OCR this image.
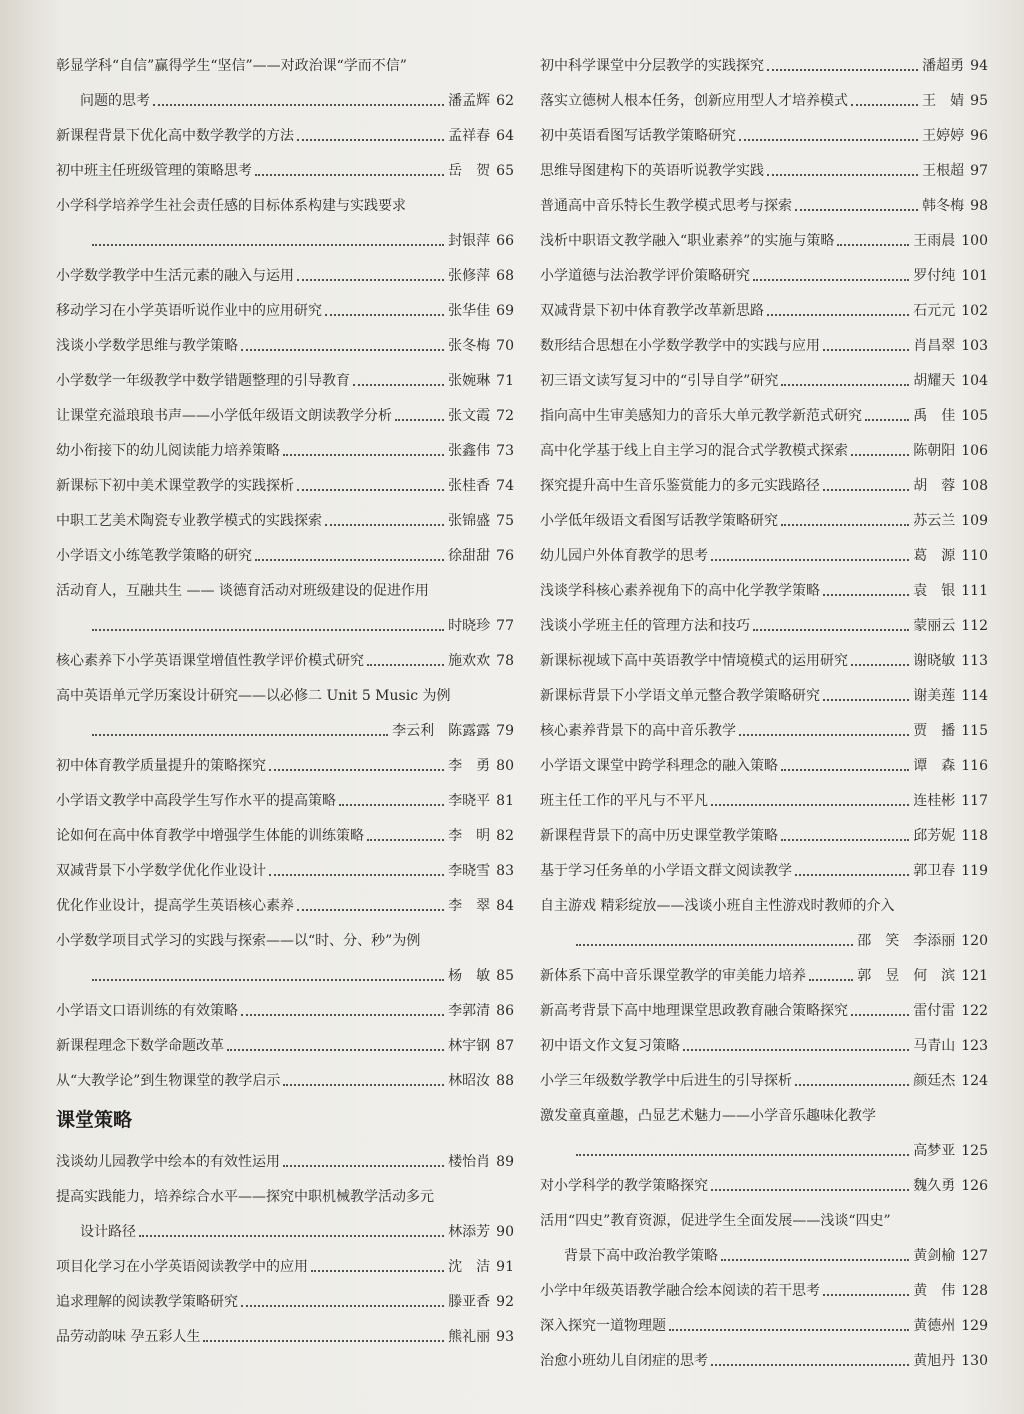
彰显学科“自信”赢得学生“坚信”——对政治课“学而不信”
问题的思考	潘孟辉 62
新课程背景下优化高中数学教学的方法	孟祥春 64
初中班主任班级管理的策略思考	岳　贺 65
小学科学培养学生社会责任感的目标体系构建与实践要求
封银萍 66
小学数学教学中生活元素的融入与运用	张修萍 68
移动学习在小学英语听说作业中的应用研究	张华佳 69
浅谈小学数学思维与教学策略	张冬梅 70
小学数学一年级教学中数学错题整理的引导教育	张婉琳 71
让课堂充溢琅琅书声——小学低年级语文朗读教学分析	张文霞 72
幼小衔接下的幼儿阅读能力培养策略	张鑫伟 73
新课标下初中美术课堂教学的实践探析	张桂香 74
中职工艺美术陶瓷专业教学模式的实践探索	张锦盛 75
小学语文小练笔教学策略的研究	徐甜甜 76
活动育人，互融共生 —— 谈德育活动对班级建设的促进作用
时晓珍 77
核心素养下小学英语课堂增值性教学评价模式研究	施欢欢 78
高中英语单元学历案设计研究——以必修二 Unit 5 Music 为例
李云利　陈露露 79
初中体育教学质量提升的策略探究	李　勇 80
小学语文教学中高段学生写作水平的提高策略	李晓平 81
论如何在高中体育教学中增强学生体能的训练策略	李　明 82
双减背景下小学数学优化作业设计	李晓雪 83
优化作业设计，提高学生英语核心素养	李　翠 84
小学数学项目式学习的实践与探索——以“时、分、秒”为例
杨　敏 85
小学语文口语训练的有效策略	李郭清 86
新课程理念下数学命题改革	林宇钢 87
从“大教学论”到生物课堂的教学启示	林昭汝 88
课堂策略
浅谈幼儿园教学中绘本的有效性运用	楼怡肖 89
提高实践能力，培养综合水平——探究中职机械教学活动多元
设计路径	林添芳 90
项目化学习在小学英语阅读教学中的应用	沈　洁 91
追求理解的阅读教学策略研究	滕亚香 92
品劳动韵味 孕五彩人生	熊礼丽 93
初中科学课堂中分层教学的实践探究	潘超勇 94
落实立德树人根本任务，创新应用型人才培养模式	王　婧 95
初中英语看图写话教学策略研究	王婷婷 96
思维导图建构下的英语听说教学实践	王根超 97
普通高中音乐特长生教学模式思考与探索	韩冬梅 98
浅析中职语文教学融入“职业素养”的实施与策略	王雨晨 100
小学道德与法治教学评价策略研究	罗付纯 101
双减背景下初中体育教学改革新思路	石元元 102
数形结合思想在小学数学教学中的实践与应用	肖昌翠 103
初三语文读写复习中的“引导自学”研究	胡耀天 104
指向高中生审美感知力的音乐大单元教学新范式研究	禹　佳 105
高中化学基于线上自主学习的混合式学教模式探索	陈朝阳 106
探究提升高中生音乐鉴赏能力的多元实践路径	胡　蓉 108
小学低年级语文看图写话教学策略研究	苏云兰 109
幼儿园户外体育教学的思考	葛　源 110
浅谈学科核心素养视角下的高中化学教学策略	袁　银 111
浅谈小学班主任的管理方法和技巧	蒙丽云 112
新课标视域下高中英语教学中情境模式的运用研究	谢晓敏 113
新课标背景下小学语文单元整合教学策略研究	谢美莲 114
核心素养背景下的高中音乐教学	贾　播 115
小学语文课堂中跨学科理念的融入策略	谭　森 116
班主任工作的平凡与不平凡	连桂彬 117
新课程背景下的高中历史课堂教学策略	邱芳妮 118
基于学习任务单的小学语文群文阅读教学	郭卫春 119
自主游戏 精彩绽放——浅谈小班自主性游戏时教师的介入
邵　笑　李添丽 120
新体系下高中音乐课堂教学的审美能力培养	郭　昱　何　滨 121
新高考背景下高中地理课堂思政教育融合策略探究	雷付雷 122
初中语文作文复习策略	马青山 123
小学三年级数学教学中后进生的引导探析	颜廷杰 124
激发童真童趣，凸显艺术魅力——小学音乐趣味化教学
高梦亚 125
对小学科学的教学策略探究	魏久勇 126
活用“四史”教育资源，促进学生全面发展——浅谈“四史”
背景下高中政治教学策略	黄剑榆 127
小学中年级英语教学融合绘本阅读的若干思考	黄　伟 128
深入探究一道物理题	黄德州 129
治愈小班幼儿自闭症的思考	黄旭丹 130
